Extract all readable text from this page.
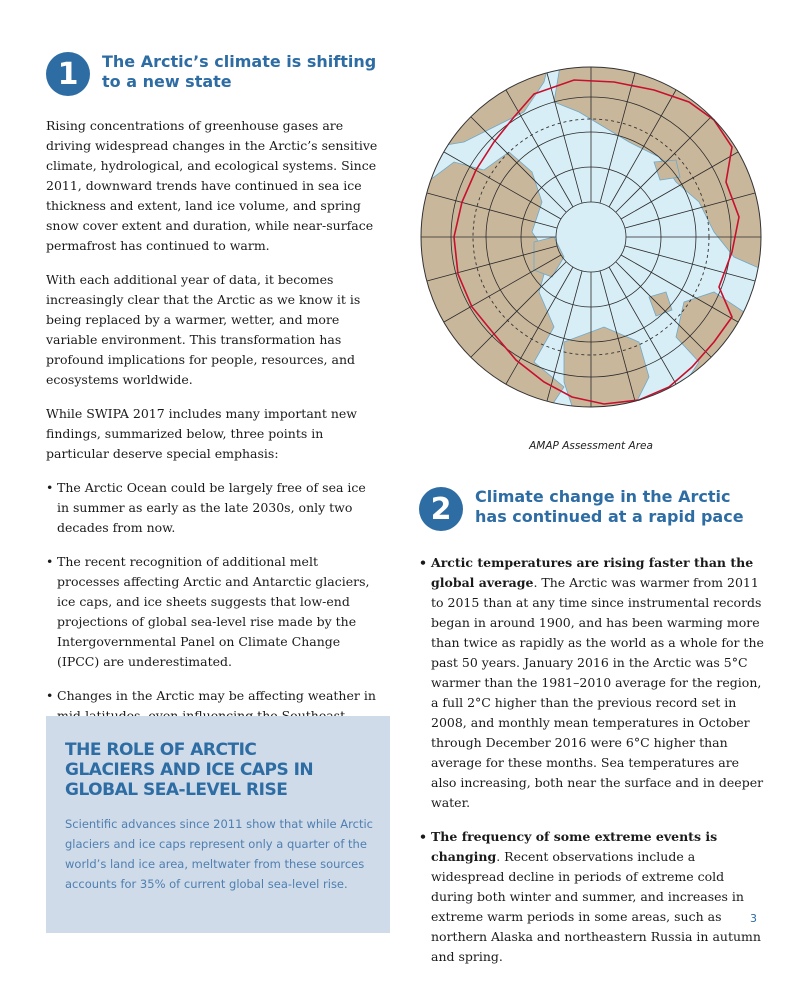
1	The Arctic’s climate is shifting
to a new state

Rising concentrations of greenhouse gases are driving widespread changes in the Arctic’s sensitive climate, hydrological, and ecological systems. Since 2011, downward trends have continued in sea ice thickness and extent, land ice volume, and spring snow cover extent and duration, while near-surface permafrost has continued to warm.

With each additional year of data, it becomes increasingly clear that the Arctic as we know it is being replaced by a warmer, wetter, and more variable environment. This transformation has profound implications for people, resources, and ecosystems worldwide.

While SWIPA 2017 includes many important new findings, summarized below, three points in particular deserve special emphasis:

• The Arctic Ocean could be largely free of sea ice in summer as early as the late 2030s, only two decades from now.
• The recent recognition of additional melt processes affecting Arctic and Antarctic glaciers, ice caps, and ice sheets suggests that low-end projections of global sea-level rise made by the Intergovernmental Panel on Climate Change (IPCC) are underestimated.
• Changes in the Arctic may be affecting weather in
THE ROLE OF ARCTIC
GLACIERS AND ICE CAPS IN
GLOBAL SEA-LEVEL RISE

Scientific advances since 2011 show that while Arctic glaciers and ice caps represent only a quarter of the world’s land ice area, meltwater from these sources accounts for 35% of current global sea-level rise.

AMAP Assessment Area
2	Climate change in the Arctic
has continued at a rapid pace
• Arctic temperatures are rising faster than the global average. The Arctic was warmer from 2011 to 2015 than at any time since instrumental records began in around 1900, and has been warming more than twice as rapidly as the world as a whole for the past 50 years. January 2016 in the Arctic was 5°C warmer than the 1981–2010 average for the region, a full 2°C higher than the previous record set in 2008, and monthly mean temperatures in October through December 2016 were 6°C higher than average for these months. Sea temperatures are also increasing, both near the surface and in deeper water.
• The frequency of some extreme events is changing. Recent observations include a widespread decline in periods of extreme cold during both winter and summer, and increases in extreme warm periods in some areas, such as northern Alaska and northeastern Russia in autumn and spring.
3
